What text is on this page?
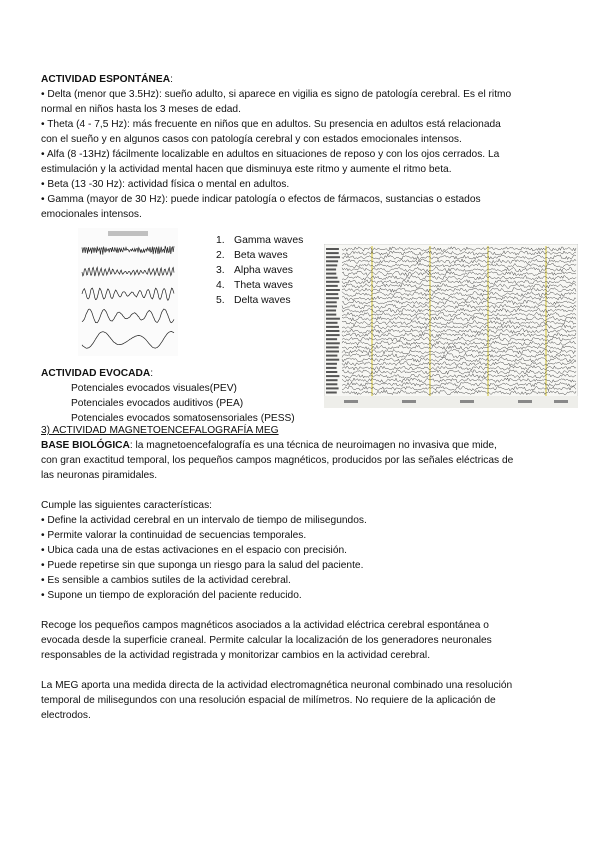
ACTIVIDAD ESPONTÁNEA:
• Delta (menor que 3.5Hz): sueño adulto, si aparece en vigilia es signo de patología cerebral. Es el ritmo
normal en niños hasta los 3 meses de edad.
• Theta (4 - 7,5 Hz): más frecuente en niños que en adultos. Su presencia en adultos está relacionada
con el sueño y en algunos casos con patología cerebral y con estados emocionales intensos.
• Alfa (8 -13Hz) fácilmente localizable en adultos en situaciones de reposo y con los ojos cerrados. La
estimulación y la actividad mental hacen que disminuya este ritmo y aumente el ritmo beta.
• Beta (13 -30 Hz): actividad física o mental en adultos.
• Gamma (mayor de 30 Hz): puede indicar patología o efectos de fármacos, sustancias o estados
emocionales intensos.
1. Gamma waves
2. Beta waves
3. Alpha waves
4. Theta waves
5. Delta waves
ACTIVIDAD EVOCADA:
Potenciales evocados visuales(PEV)
Potenciales evocados auditivos (PEA)
Potenciales evocados somatosensoriales (PESS)
3) ACTIVIDAD MAGNETOENCEFALOGRAFÍA MEG
BASE BIOLÓGICA: la magnetoencefalografía es una técnica de neuroimagen no invasiva que mide,
con gran exactitud temporal, los pequeños campos magnéticos, producidos por las señales eléctricas de
las neuronas piramidales.
Cumple las siguientes características:
• Define la actividad cerebral en un intervalo de tiempo de milisegundos.
• Permite valorar la continuidad de secuencias temporales.
• Ubica cada una de estas activaciones en el espacio con precisión.
• Puede repetirse sin que suponga un riesgo para la salud del paciente.
• Es sensible a cambios sutiles de la actividad cerebral.
• Supone un tiempo de exploración del paciente reducido.
Recoge los pequeños campos magnéticos asociados a la actividad eléctrica cerebral espontánea o
evocada desde la superficie craneal. Permite calcular la localización de los generadores neuronales
responsables de la actividad registrada y monitorizar cambios en la actividad cerebral.
La MEG aporta una medida directa de la actividad electromagnética neuronal combinado una resolución
temporal de milisegundos con una resolución espacial de milímetros. No requiere de la aplicación de
electrodos.
